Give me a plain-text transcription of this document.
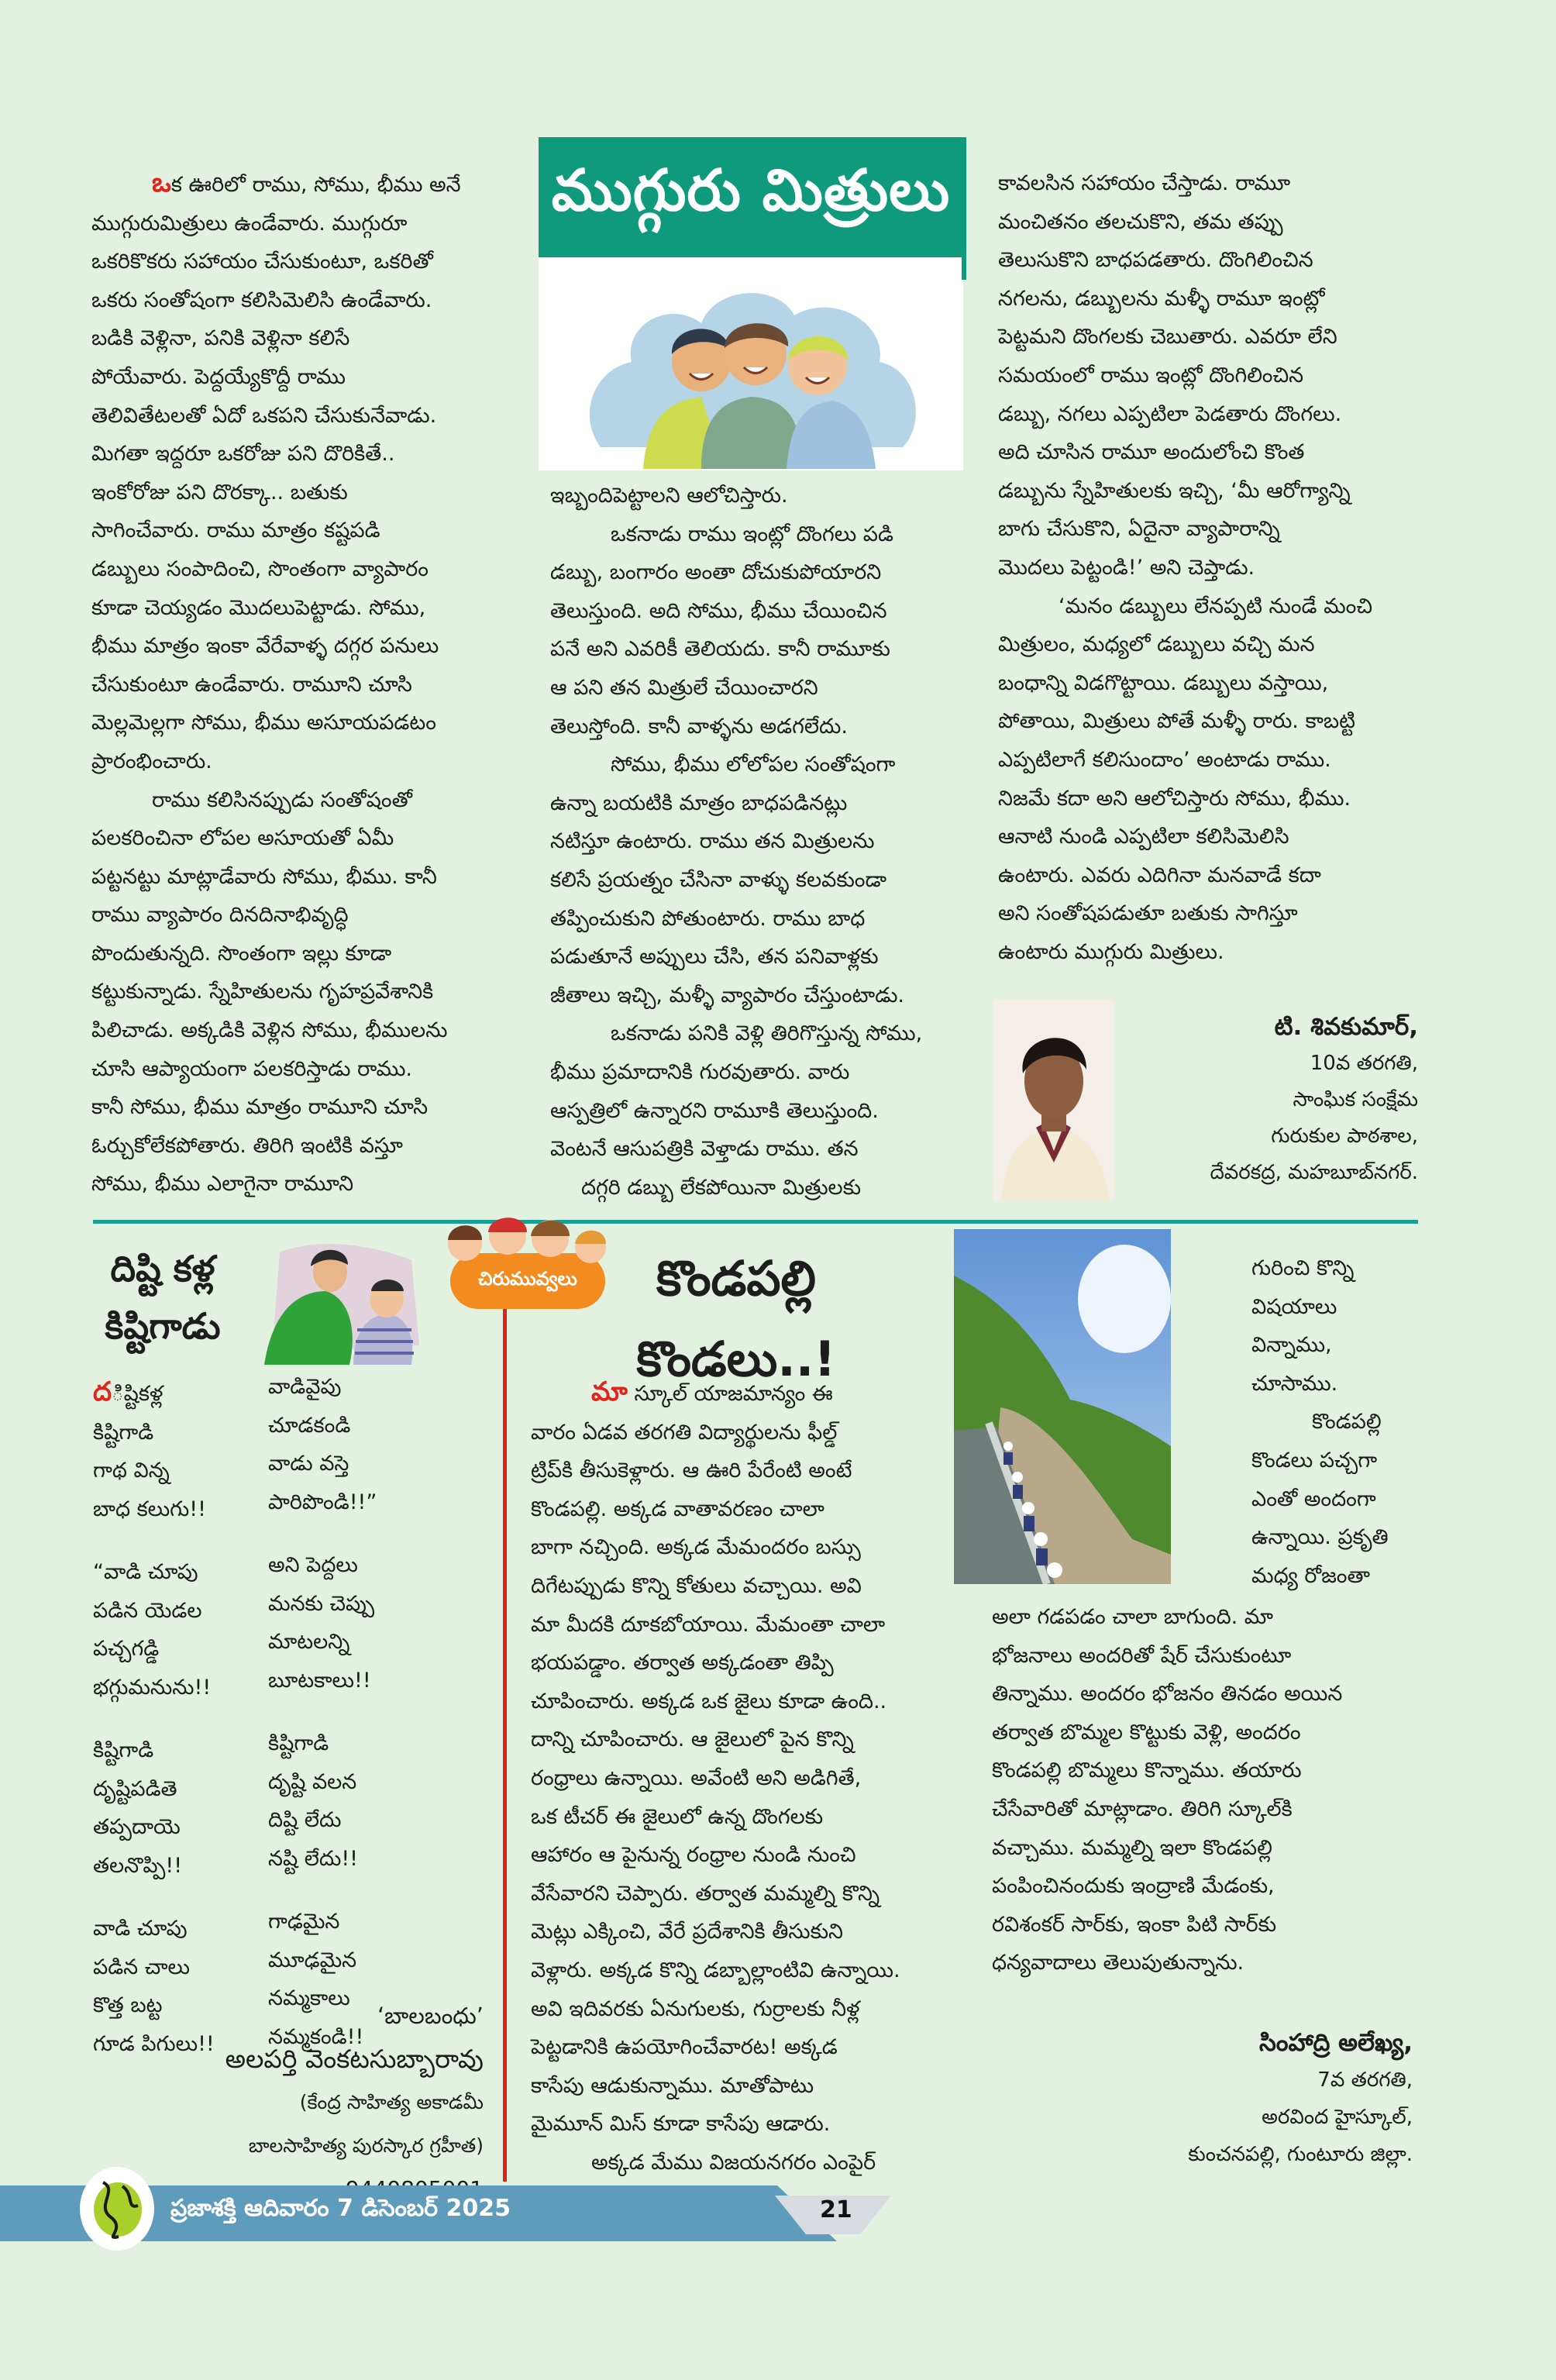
ఒక ఊరిలో రాము, సోము, భీము అనే
ముగ్గురుమిత్రులు ఉండేవారు. ముగ్గురూ
ఒకరికొకరు సహాయం చేసుకుంటూ, ఒకరితో
ఒకరు సంతోషంగా కలిసిమెలిసి ఉండేవారు.
బడికి వెళ్లినా, పనికి వెళ్లినా కలిసే
పోయేవారు. పెద్దయ్యేకొద్దీ రాము
తెలివితేటలతో ఏదో ఒకపని చేసుకునేవాడు.
మిగతా ఇద్దరూ ఒకరోజు పని దొరికితే..
ఇంకోరోజు పని దొరక్కా.. బతుకు
సాగించేవారు. రాము మాత్రం కష్టపడి
డబ్బులు సంపాదించి, సొంతంగా వ్యాపారం
కూడా చెయ్యడం మొదలుపెట్టాడు. సోము,
భీము మాత్రం ఇంకా వేరేవాళ్ళ దగ్గర పనులు
చేసుకుంటూ ఉండేవారు. రామూని చూసి
మెల్లమెల్లగా సోము, భీము అసూయపడటం
ప్రారంభించారు.
రాము కలిసినప్పుడు సంతోషంతో
పలకరించినా లోపల అసూయతో ఏమీ
పట్టనట్టు మాట్లాడేవారు సోము, భీము. కానీ
రాము వ్యాపారం దినదినాభివృద్ధి
పొందుతున్నది. సొంతంగా ఇల్లు కూడా
కట్టుకున్నాడు. స్నేహితులను గృహప్రవేశానికి
పిలిచాడు. అక్కడికి వెళ్లిన సోము, భీములను
చూసి ఆప్యాయంగా పలకరిస్తాడు రాము.
కానీ సోము, భీము మాత్రం రామూని చూసి
ఓర్చుకోలేకపోతారు. తిరిగి ఇంటికి వస్తూ
సోము, భీము ఎలాగైనా రామూని
ముగ్గురు మిత్రులు
ఇబ్బందిపెట్టాలని ఆలోచిస్తారు.
ఒకనాడు రాము ఇంట్లో దొంగలు పడి
డబ్బు, బంగారం అంతా దోచుకుపోయారని
తెలుస్తుంది. అది సోము, భీము చేయించిన
పనే అని ఎవరికీ తెలియదు. కానీ రామూకు
ఆ పని తన మిత్రులే చేయించారని
తెలుస్తోంది. కానీ వాళ్ళను అడగలేదు.
సోము, భీము లోలోపల సంతోషంగా
ఉన్నా బయటికి మాత్రం బాధపడినట్లు
నటిస్తూ ఉంటారు. రాము తన మిత్రులను
కలిసే ప్రయత్నం చేసినా వాళ్ళు కలవకుండా
తప్పించుకుని పోతుంటారు. రాము బాధ
పడుతూనే అప్పులు చేసి, తన పనివాళ్లకు
జీతాలు ఇచ్చి, మళ్ళీ వ్యాపారం చేస్తుంటాడు.
ఒకనాడు పనికి వెళ్లి తిరిగొస్తున్న సోము,
భీము ప్రమాదానికి గురవుతారు. వారు
ఆస్పత్రిలో ఉన్నారని రామూకి తెలుస్తుంది.
వెంటనే ఆసుపత్రికి వెళ్తాడు రాము. తన
దగ్గరి డబ్బు లేకపోయినా మిత్రులకు
కావలసిన సహాయం చేస్తాడు. రామూ
మంచితనం తలచుకొని, తమ తప్పు
తెలుసుకొని బాధపడతారు. దొంగిలించిన
నగలను, డబ్బులను మళ్ళీ రామూ ఇంట్లో
పెట్టమని దొంగలకు చెబుతారు. ఎవరూ లేని
సమయంలో రాము ఇంట్లో దొంగిలించిన
డబ్బు, నగలు ఎప్పటిలా పెడతారు దొంగలు.
అది చూసిన రామూ అందులోంచి కొంత
డబ్బును స్నేహితులకు ఇచ్చి, ‘మీ ఆరోగ్యాన్ని
బాగు చేసుకొని, ఏదైనా వ్యాపారాన్ని
మొదలు పెట్టండి!’ అని చెప్తాడు.
‘మనం డబ్బులు లేనప్పటి నుండే మంచి
మిత్రులం, మధ్యలో డబ్బులు వచ్చి మన
బంధాన్ని విడగొట్టాయి. డబ్బులు వస్తాయి,
పోతాయి, మిత్రులు పోతే మళ్ళీ రారు. కాబట్టి
ఎప్పటిలాగే కలిసుందాం’ అంటాడు రాము.
నిజమే కదా అని ఆలోచిస్తారు సోము, భీము.
ఆనాటి నుండి ఎప్పటిలా కలిసిమెలిసి
ఉంటారు. ఎవరు ఎదిగినా మనవాడే కదా
అని సంతోషపడుతూ బతుకు సాగిస్తూ
ఉంటారు ముగ్గురు మిత్రులు.
టి. శివకుమార్,
10వ తరగతి,
సాంఘిక సంక్షేమ
గురుకుల పాఠశాల,
దేవరకద్ర, మహబూబ్‌నగర్.
దిష్టి కళ్ల
కిష్టిగాడు
చిరుమువ్వలు
దిష్టికళ్ల
కిష్టిగాడి
గాథ విన్న
బాధ కలుగు!!
“వాడి చూపు
పడిన యెడల
పచ్చగడ్డి
భగ్గుమనును!!
కిష్టిగాడి
దృష్టిపడితె
తప్పదాయె
తలనొప్పి!!
వాడి చూపు
పడిన చాలు
కొత్త బట్ట
గూడ పిగులు!!
వాడివైపు
చూడకండి
వాడు వస్తె
పారిపొండి!!”
అని పెద్దలు
మనకు చెప్పు
మాటలన్ని
బూటకాలు!!
కిష్టిగాడి
దృష్టి వలన
దిష్టి లేదు
నష్టి లేదు!!
గాఢమైన
మూఢమైన
నమ్మకాలు
నమ్మకండి!!
‘బాలబంధు’
అలపర్తి వెంకటసుబ్బారావు
(కేంద్ర సాహిత్య అకాడమీ
బాలసాహిత్య పురస్కార గ్రహీత)
కొండపల్లి
కొండలు..!
మా స్కూల్ యాజమాన్యం ఈ
వారం ఏడవ తరగతి విద్యార్థులను ఫీల్డ్
ట్రిప్‌కి తీసుకెళ్లారు. ఆ ఊరి పేరేంటి అంటే
కొండపల్లి. అక్కడ వాతావరణం చాలా
బాగా నచ్చింది. అక్కడ మేమందరం బస్సు
దిగేటప్పుడు కొన్ని కోతులు వచ్చాయి. అవి
మా మీదకి దూకబోయాయి. మేమంతా చాలా
భయపడ్డాం. తర్వాత అక్కడంతా తిప్పి
చూపించారు. అక్కడ ఒక జైలు కూడా ఉంది..
దాన్ని చూపించారు. ఆ జైలులో పైన కొన్ని
రంధ్రాలు ఉన్నాయి. అవేంటి అని అడిగితే,
ఒక టీచర్ ఈ జైలులో ఉన్న దొంగలకు
ఆహారం ఆ పైనున్న రంధ్రాల నుండి నుంచి
వేసేవారని చెప్పారు. తర్వాత మమ్మల్ని కొన్ని
మెట్లు ఎక్కించి, వేరే ప్రదేశానికి తీసుకుని
వెళ్లారు. అక్కడ కొన్ని డబ్బాల్లాంటివి ఉన్నాయి.
అవి ఇదివరకు ఏనుగులకు, గుర్రాలకు నీళ్ల
పెట్టడానికి ఉపయోగించేవారట! అక్కడ
కాసేపు ఆడుకున్నాము. మాతోపాటు
మైమూన్ మిస్ కూడా కాసేపు ఆడారు.
అక్కడ మేము విజయనగరం ఎంపైర్
గురించి కొన్ని
విషయాలు
విన్నాము,
చూసాము.
కొండపల్లి
కొండలు పచ్చగా
ఎంతో అందంగా
ఉన్నాయి. ప్రకృతి
మధ్య రోజంతా
అలా గడపడం చాలా బాగుంది. మా
భోజనాలు అందరితో షేర్ చేసుకుంటూ
తిన్నాము. అందరం భోజనం తినడం అయిన
తర్వాత బొమ్మల కొట్టుకు వెళ్లి, అందరం
కొండపల్లి బొమ్మలు కొన్నాము. తయారు
చేసేవారితో మాట్లాడాం. తిరిగి స్కూల్‌కి
వచ్చాము. మమ్మల్ని ఇలా కొండపల్లి
పంపించినందుకు ఇంద్రాణి మేడంకు,
రవిశంకర్ సార్‌కు, ఇంకా పిటి సార్‌కు
ధన్యవాదాలు తెలుపుతున్నాను.
సింహాద్రి అలేఖ్య,
7వ తరగతి,
అరవింద హైస్కూల్,
కుంచనపల్లి, గుంటూరు జిల్లా.
ప్రజాశక్తి ఆదివారం 7 డిసెంబర్ 2025	21
